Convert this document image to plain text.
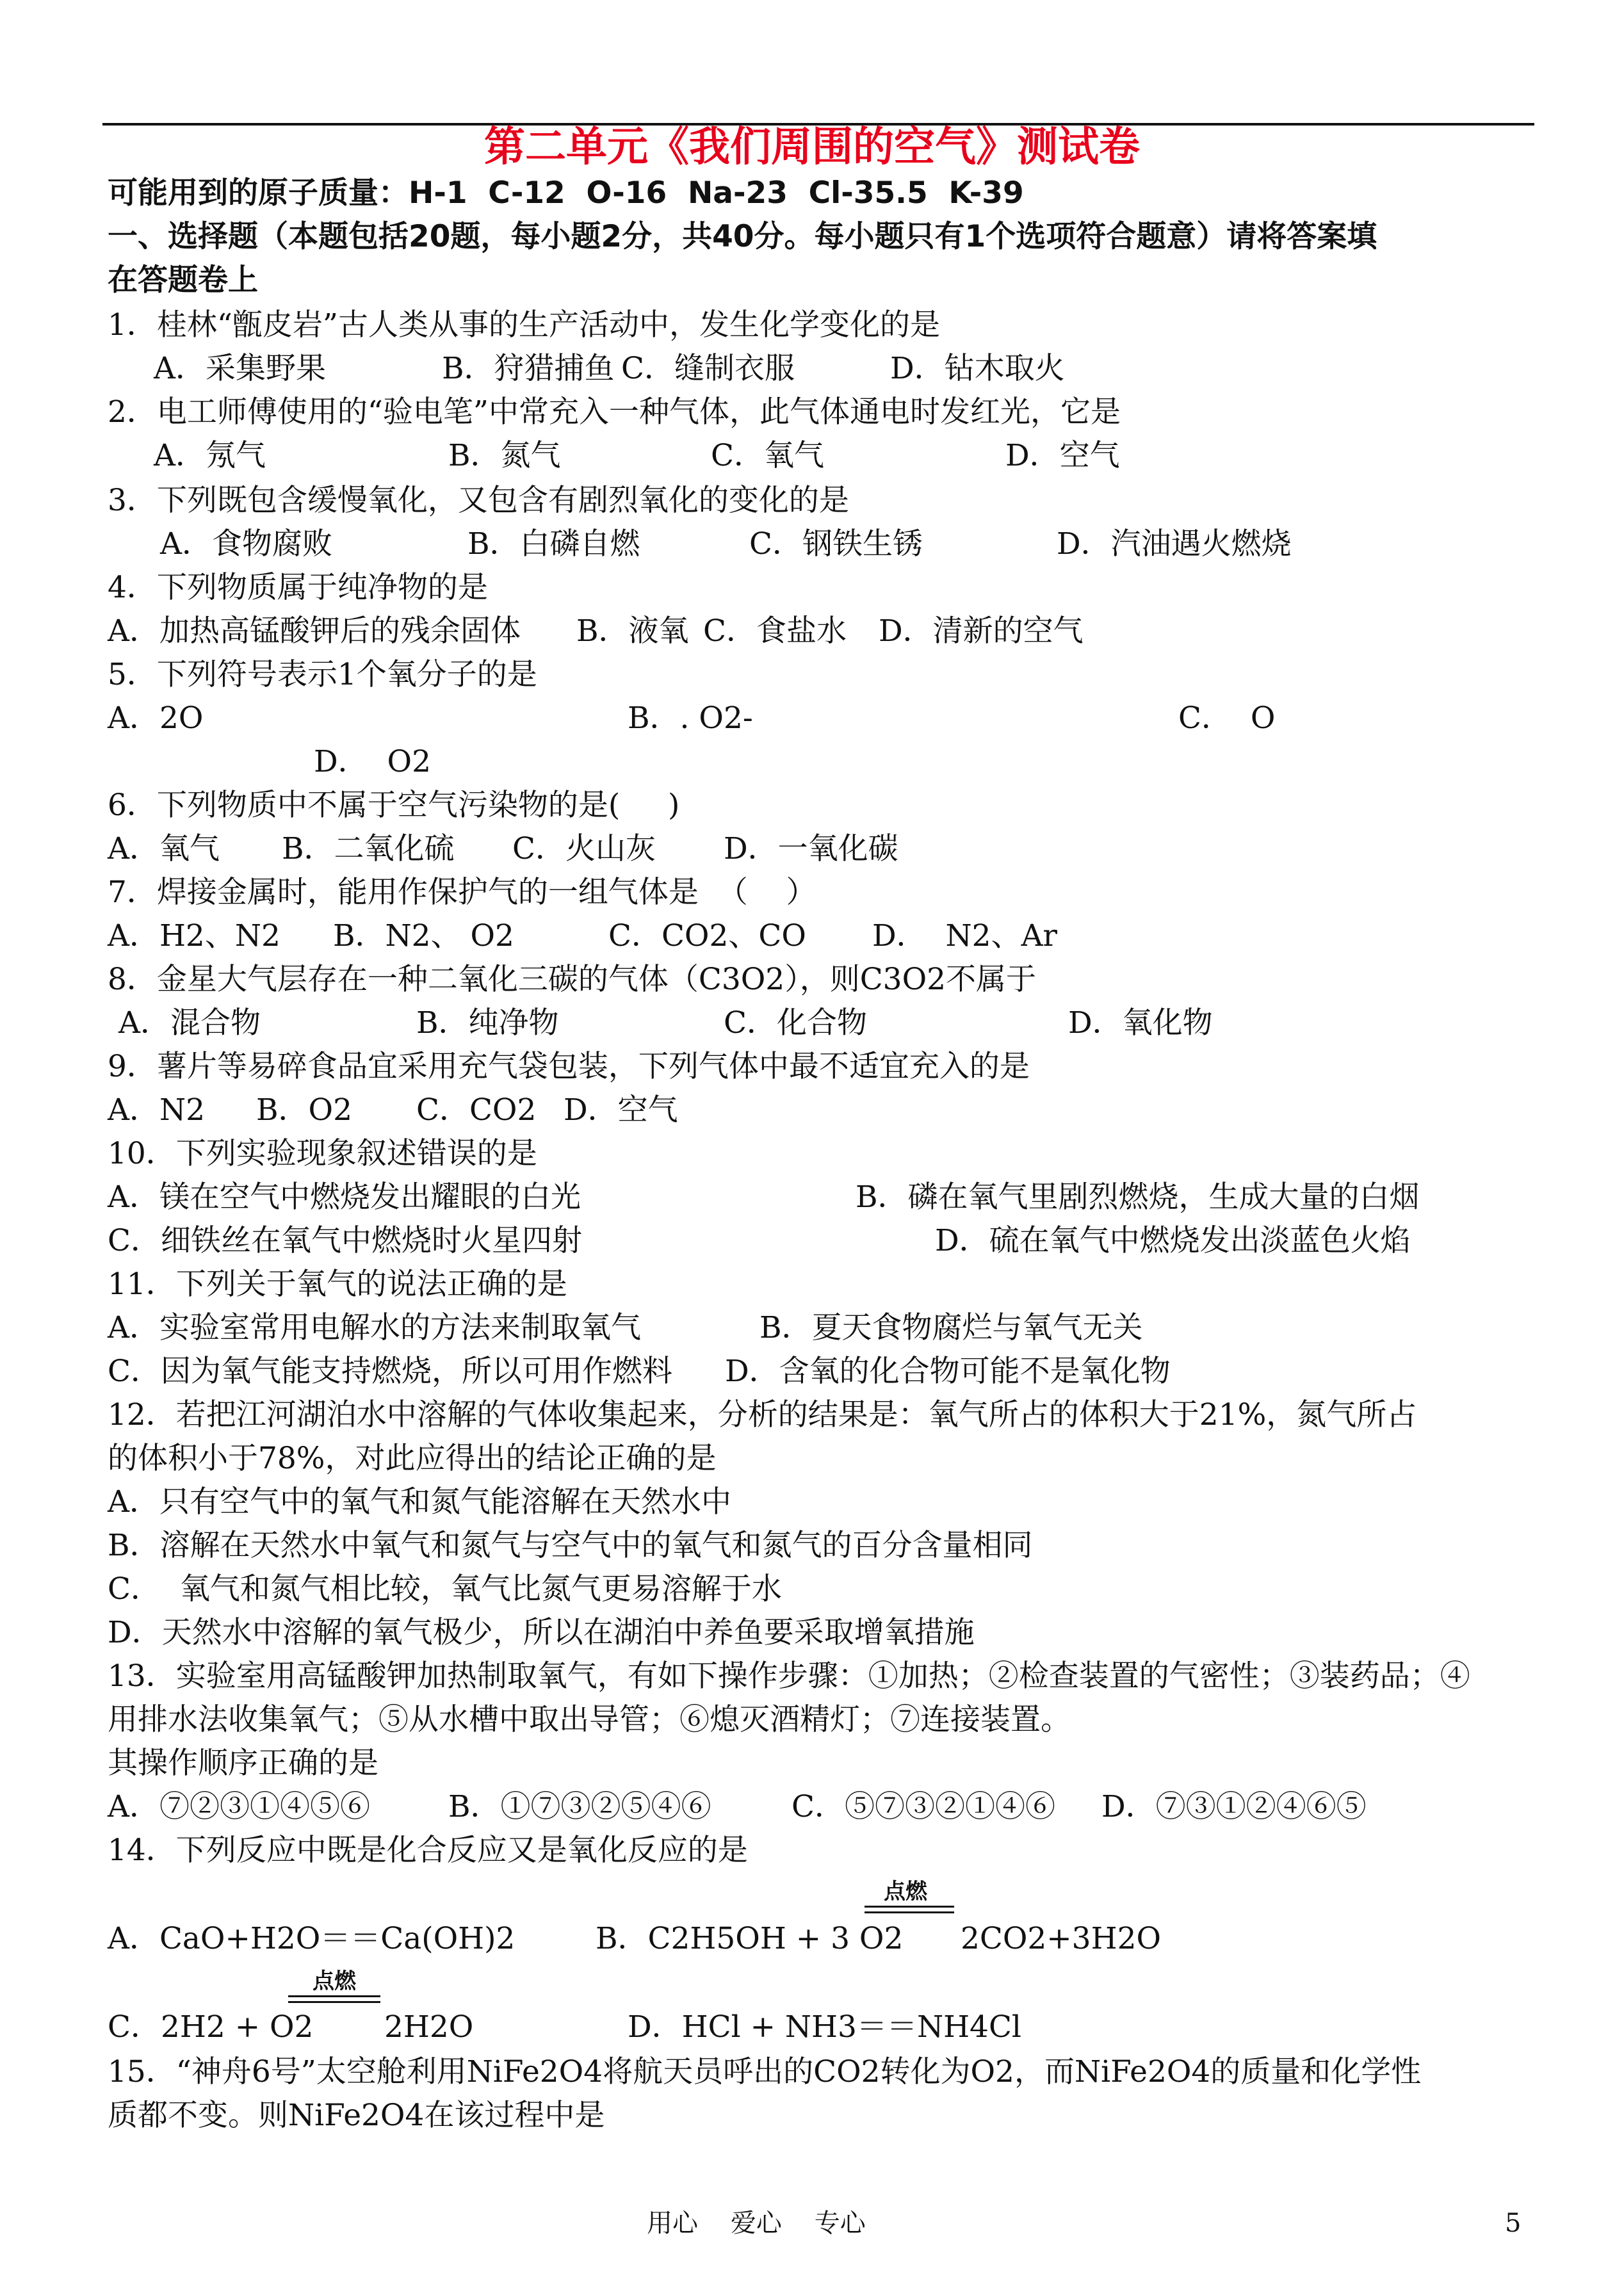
第二单元《我们周围的空气》测试卷
可能用到的原子质量：H-1  C-12  O-16  Na-23  Cl-35.5  K-39
一、选择题（本题包括20题，每小题2分，共40分。每小题只有1个选项符合题意）请将答案填
在答题卷上
1．桂林“甑皮岩”古人类从事的生产活动中，发生化学变化的是
A．采集野果	B．狩猎捕鱼 C．缝制衣服	D．钻木取火
2．电工师傅使用的“验电笔”中常充入一种气体，此气体通电时发红光，它是
A．氖气	B．氮气	C．氧气	D．空气
3．下列既包含缓慢氧化，又包含有剧烈氧化的变化的是
A．食物腐败	B．白磷自燃	C．钢铁生锈	D．汽油遇火燃烧
4．下列物质属于纯净物的是
A．加热高锰酸钾后的残余固体 B．液氧 C．食盐水 D．清新的空气
5．下列符号表示1个氧分子的是
A．2O	B．. O2-	C．  O
D．  O2
6．下列物质中不属于空气污染物的是(     )
A．氧气 B．二氧化硫 C．火山灰 D．一氧化碳
7．焊接金属时，能用作保护气的一组气体是  （    ）
A．H2、N2 B．N2、 O2	C．CO2、CO D．  N2、Ar
8．金星大气层存在一种二氧化三碳的气体（C3O2），则C3O2不属于
A．混合物	B．纯净物	C．化合物	D．氧化物
9．薯片等易碎食品宜采用充气袋包装，下列气体中最不适宜充入的是
A．N2 B．O2 C．CO2 D．空气
10．下列实验现象叙述错误的是
A．镁在空气中燃烧发出耀眼的白光	B．磷在氧气里剧烈燃烧，生成大量的白烟
C．细铁丝在氧气中燃烧时火星四射	D．硫在氧气中燃烧发出淡蓝色火焰
11．下列关于氧气的说法正确的是
A．实验室常用电解水的方法来制取氧气	B．夏天食物腐烂与氧气无关
C．因为氧气能支持燃烧，所以可用作燃料 D．含氧的化合物可能不是氧化物
12．若把江河湖泊水中溶解的气体收集起来，分析的结果是：氧气所占的体积大于21%，氮气所占
的体积小于78%，对此应得出的结论正确的是
A．只有空气中的氧气和氮气能溶解在天然水中
B．溶解在天然水中氧气和氮气与空气中的氧气和氮气的百分含量相同
C．  氧气和氮气相比较，氧气比氮气更易溶解于水
D．天然水中溶解的氧气极少，所以在湖泊中养鱼要采取增氧措施
13．实验室用高锰酸钾加热制取氧气，有如下操作步骤：①加热；②检查装置的气密性；③装药品；④
用排水法收集氧气；⑤从水槽中取出导管；⑥熄灭酒精灯；⑦连接装置。
其操作顺序正确的是
A．⑦②③①④⑤⑥	B．①⑦③②⑤④⑥	C．⑤⑦③②①④⑥ D．⑦③①②④⑥⑤
14．下列反应中既是化合反应又是氧化反应的是
A．CaO+H2O＝＝Ca(OH)2	B．C2H5OH + 3 O2
点燃
2CO2+3H2O
C．2H2 + O2
点燃
2H2O	D．HCl + NH3＝＝NH4Cl
15．“神舟6号”太空舱利用NiFe2O4将航天员呼出的CO2转化为O2，而NiFe2O4的质量和化学性
质都不变。则NiFe2O4在该过程中是
用心    爱心    专心	5
